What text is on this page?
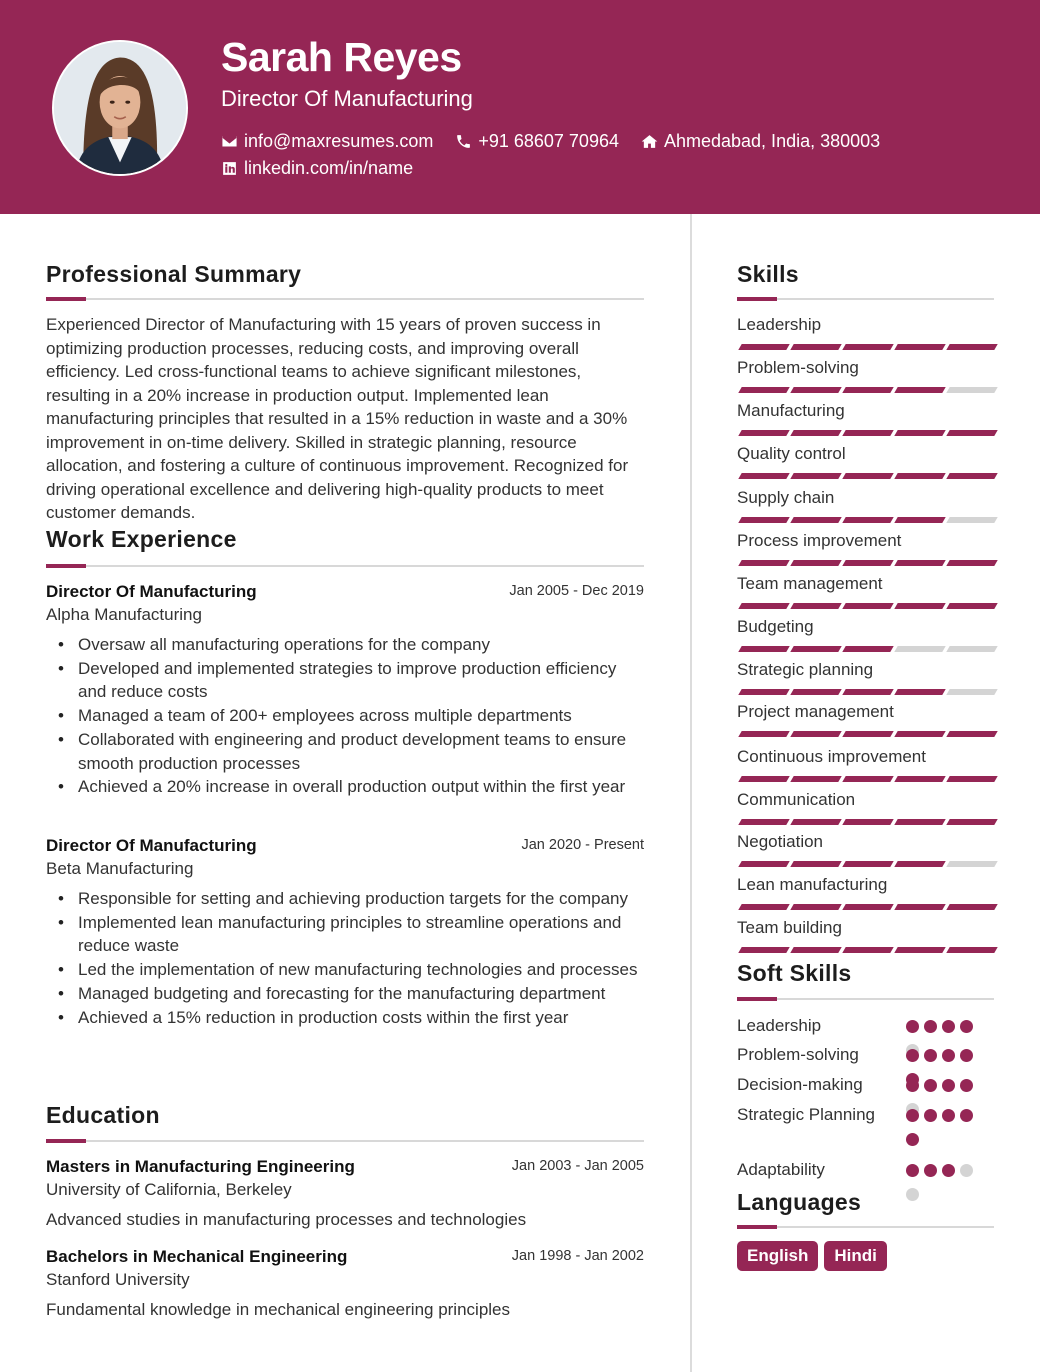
Sarah Reyes
Director Of Manufacturing
info@maxresumes.com	+91 68607 70964	Ahmedabad, India, 380003
linkedin.com/in/name
Professional Summary
Experienced Director of Manufacturing with 15 years of proven success in optimizing production processes, reducing costs, and improving overall efficiency. Led cross-functional teams to achieve significant milestones, resulting in a 20% increase in production output. Implemented lean manufacturing principles that resulted in a 15% reduction in waste and a 30% improvement in on-time delivery. Skilled in strategic planning, resource allocation, and fostering a culture of continuous improvement. Recognized for driving operational excellence and delivering high-quality products to meet customer demands.
Work Experience
Director Of Manufacturing	Jan 2005 - Dec 2019
Alpha Manufacturing
• Oversaw all manufacturing operations for the company
• Developed and implemented strategies to improve production efficiency and reduce costs
• Managed a team of 200+ employees across multiple departments
• Collaborated with engineering and product development teams to ensure smooth production processes
• Achieved a 20% increase in overall production output within the first year
Director Of Manufacturing	Jan 2020 - Present
Beta Manufacturing
• Responsible for setting and achieving production targets for the company
• Implemented lean manufacturing principles to streamline operations and reduce waste
• Led the implementation of new manufacturing technologies and processes
• Managed budgeting and forecasting for the manufacturing department
• Achieved a 15% reduction in production costs within the first year
Education
Masters in Manufacturing Engineering	Jan 2003 - Jan 2005
University of California, Berkeley
Advanced studies in manufacturing processes and technologies
Bachelors in Mechanical Engineering	Jan 1998 - Jan 2002
Stanford University
Fundamental knowledge in mechanical engineering principles
Skills
Leadership
Problem-solving
Manufacturing
Quality control
Supply chain
Process improvement
Team management
Budgeting
Strategic planning
Project management
Continuous improvement
Communication
Negotiation
Lean manufacturing
Team building
Soft Skills
Leadership
Problem-solving
Decision-making
Strategic Planning
Adaptability
Languages
English	Hindi
